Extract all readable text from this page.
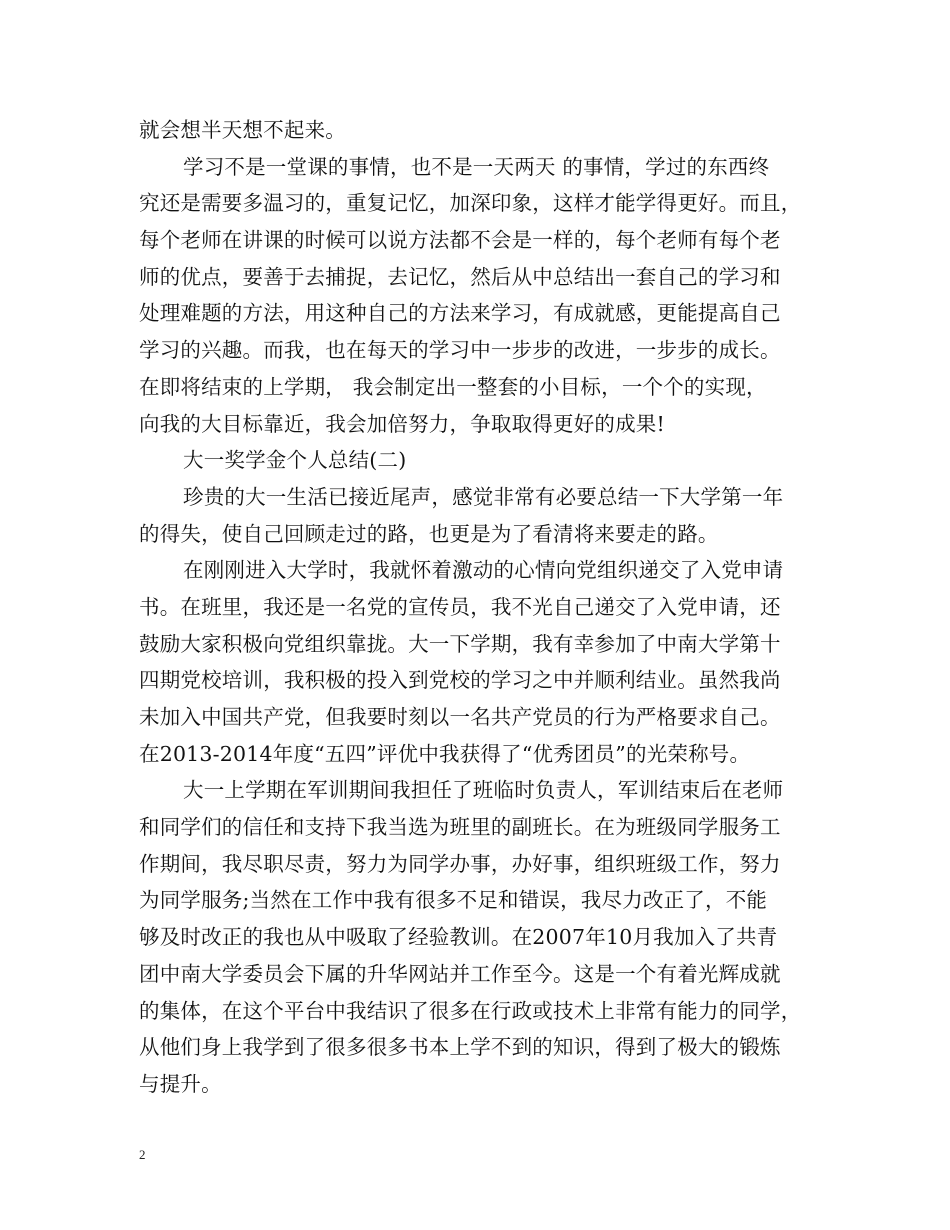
就会想半天想不起来。
学习不是一堂课的事情，也不是一天两天 的事情，学过的东西终
究还是需要多温习的，重复记忆，加深印象，这样才能学得更好。而且，
每个老师在讲课的时候可以说方法都不会是一样的，每个老师有每个老
师的优点，要善于去捕捉，去记忆，然后从中总结出一套自己的学习和
处理难题的方法，用这种自己的方法来学习，有成就感，更能提高自己
学习的兴趣。而我，也在每天的学习中一步步的改进，一步步的成长。
在即将结束的上学期， 我会制定出一整套的小目标，一个个的实现，
向我的大目标靠近，我会加倍努力，争取取得更好的成果!
大一奖学金个人总结(二)
珍贵的大一生活已接近尾声，感觉非常有必要总结一下大学第一年
的得失，使自己回顾走过的路，也更是为了看清将来要走的路。
在刚刚进入大学时，我就怀着激动的心情向党组织递交了入党申请
书。在班里，我还是一名党的宣传员，我不光自己递交了入党申请，还
鼓励大家积极向党组织靠拢。大一下学期，我有幸参加了中南大学第十
四期党校培训，我积极的投入到党校的学习之中并顺利结业。虽然我尚
未加入中国共产党，但我要时刻以一名共产党员的行为严格要求自己。
在2013-2014年度“五四”评优中我获得了“优秀团员”的光荣称号。
大一上学期在军训期间我担任了班临时负责人，军训结束后在老师
和同学们的信任和支持下我当选为班里的副班长。在为班级同学服务工
作期间，我尽职尽责，努力为同学办事，办好事，组织班级工作，努力
为同学服务;当然在工作中我有很多不足和错误，我尽力改正了，不能
够及时改正的我也从中吸取了经验教训。在2007年10月我加入了共青
团中南大学委员会下属的升华网站并工作至今。这是一个有着光辉成就
的集体，在这个平台中我结识了很多在行政或技术上非常有能力的同学，
从他们身上我学到了很多很多书本上学不到的知识，得到了极大的锻炼
与提升。
2
